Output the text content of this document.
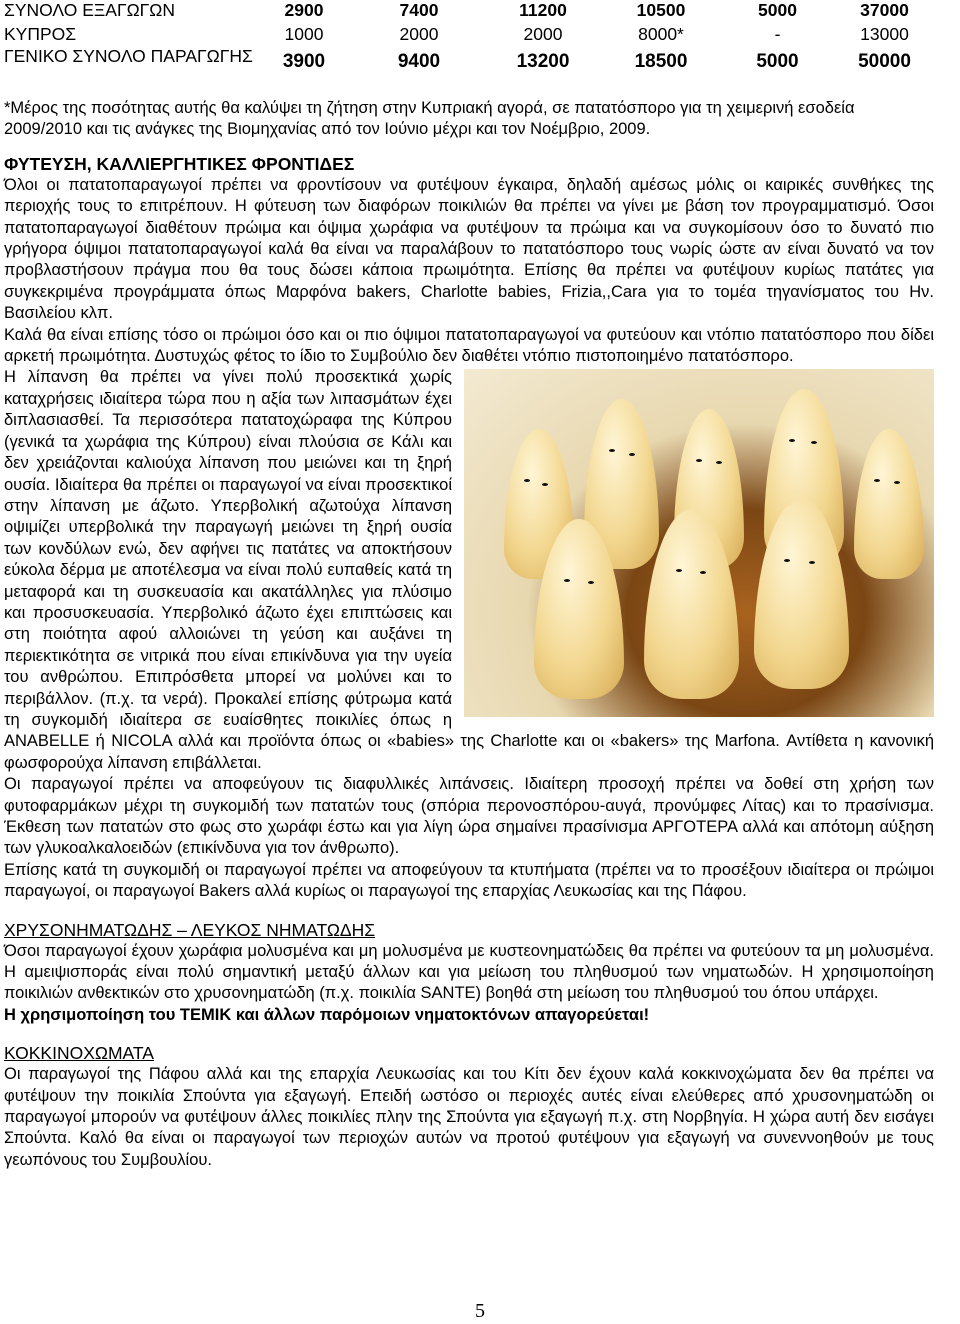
ΣΥΝΟΛΟ ΕΞΑΓΩΓΩΝ	2900	7400	11200	10500	5000	37000
ΚΥΠΡΟΣ	1000	2000	2000	8000*	-	13000
ΓΕΝΙΚΟ ΣΥΝΟΛΟ ΠΑΡΑΓΩΓΗΣ	3900	9400	13200	18500	5000	50000

*Μέρος της ποσότητας αυτής θα καλύψει τη ζήτηση στην Κυπριακή αγορά, σε πατατόσπορο για τη χειμερινή εσοδεία 2009/2010 και τις ανάγκες της Βιομηχανίας από τον Ιούνιο μέχρι και τον Νοέμβριο, 2009.

ΦΥΤΕΥΣΗ, ΚΑΛΛΙΕΡΓΗΤΙΚΕΣ ΦΡΟΝΤΙΔΕΣ

Όλοι οι πατατοπαραγωγοί πρέπει να φροντίσουν να φυτέψουν έγκαιρα, δηλαδή αμέσως μόλις οι καιρικές συνθήκες της περιοχής τους το επιτρέπουν. Η φύτευση των διαφόρων ποικιλιών θα πρέπει να γίνει με βάση τον προγραμματισμό. Όσοι πατατοπαραγωγοί διαθέτουν πρώιμα και όψιμα χωράφια να φυτέψουν τα πρώιμα και να συγκομίσουν όσο το δυνατό πιο γρήγορα όψιμοι πατατοπαραγωγοί καλά θα είναι να παραλάβουν το πατατόσπορο τους νωρίς ώστε αν είναι δυνατό να τον προβλαστήσουν πράγμα που θα τους δώσει κάποια πρωιμότητα. Επίσης θα πρέπει να φυτέψουν κυρίως πατάτες για συγκεκριμένα προγράμματα όπως Μαρφόνα bakers, Charlotte babies, Frizia,,Cara για το τομέα τηγανίσματος του Ην. Βασιλείου κλπ.

Καλά θα είναι επίσης τόσο οι πρώιμοι όσο και οι πιο όψιμοι πατατοπαραγωγοί να φυτεύουν και ντόπιο πατατόσπορο που δίδει αρκετή πρωιμότητα. Δυστυχώς φέτος το ίδιο το Συμβούλιο δεν διαθέτει ντόπιο πιστοποιημένο πατατόσπορο.

Η λίπανση θα πρέπει να γίνει πολύ προσεκτικά χωρίς καταχρήσεις ιδιαίτερα τώρα που η αξία των λιπασμάτων έχει διπλασιασθεί. Τα περισσότερα πατατοχώραφα της Κύπρου (γενικά τα χωράφια της Κύπρου) είναι πλούσια σε Κάλι και δεν χρειάζονται καλιούχα λίπανση που μειώνει και τη ξηρή ουσία. Ιδιαίτερα θα πρέπει οι παραγωγοί να είναι προσεκτικοί στην λίπανση με άζωτο. Υπερβολική αζωτούχα λίπανση οψιμίζει υπερβολικά την παραγωγή μειώνει τη ξηρή ουσία των κονδύλων ενώ, δεν αφήνει τις πατάτες να αποκτήσουν εύκολα δέρμα με αποτέλεσμα να είναι πολύ ευπαθείς κατά τη μεταφορά και τη συσκευασία και ακατάλληλες για πλύσιμο και προσυσκευασία. Υπερβολικό άζωτο έχει επιπτώσεις και στη ποιότητα αφού αλλοιώνει τη γεύση και αυξάνει τη περιεκτικότητα σε νιτρικά που είναι επικίνδυνα για την υγεία του ανθρώπου. Επιπρόσθετα μπορεί να μολύνει και το περιβάλλον. (π.χ. τα νερά). Προκαλεί επίσης φύτρωμα κατά τη συγκομιδή ιδιαίτερα σε ευαίσθητες ποικιλίες όπως η ANABELLE ή NICOLA αλλά και προϊόντα όπως οι «babies» της Charlotte και οι «bakers» της Marfona. Αντίθετα η κανονική φωσφορούχα λίπανση επιβάλλεται.

Οι παραγωγοί πρέπει να αποφεύγουν τις διαφυλλικές λιπάνσεις. Ιδιαίτερη προσοχή πρέπει να δοθεί στη χρήση των φυτοφαρμάκων μέχρι τη συγκομιδή των πατατών τους (σπόρια περονοσπόρου-αυγά, προνύμφες Λίτας) και το πρασίνισμα. Έκθεση των πατατών στο φως στο χωράφι έστω και για λίγη ώρα σημαίνει πρασίνισμα ΑΡΓΟΤΕΡΑ αλλά και απότομη αύξηση των γλυκοαλκαλοειδών (επικίνδυνα για τον άνθρωπο).

Επίσης κατά τη συγκομιδή οι παραγωγοί πρέπει να αποφεύγουν τα κτυπήματα (πρέπει να το προσέξουν ιδιαίτερα οι πρώιμοι παραγωγοί, οι παραγωγοί Bakers αλλά κυρίως οι παραγωγοί της επαρχίας Λευκωσίας και της Πάφου.

ΧΡΥΣΟΝΗΜΑΤΩΔΗΣ – ΛΕΥΚΟΣ ΝΗΜΑΤΩΔΗΣ

Όσοι παραγωγοί έχουν χωράφια μολυσμένα και μη μολυσμένα με κυστεονηματώδεις θα πρέπει να φυτεύουν τα μη μολυσμένα. Η αμειψισποράς είναι πολύ σημαντική μεταξύ άλλων και για μείωση του πληθυσμού των νηματωδών. Η χρησιμοποίηση ποικιλιών ανθεκτικών στο χρυσονηματώδη (π.χ. ποικιλία SANTE) βοηθά στη μείωση του πληθυσμού του όπου υπάρχει.

Η χρησιμοποίηση του ΤΕΜΙΚ και άλλων παρόμοιων νηματοκτόνων απαγορεύεται!

ΚΟΚΚΙΝΟΧΩΜΑΤΑ

Οι παραγωγοί της Πάφου αλλά και της επαρχία Λευκωσίας και του Κίτι δεν έχουν καλά κοκκινοχώματα δεν θα πρέπει να φυτέψουν την ποικιλία Σπούντα για εξαγωγή. Επειδή ωστόσο οι περιοχές αυτές είναι ελεύθερες από χρυσονηματώδη οι παραγωγοί μπορούν να φυτέψουν άλλες ποικιλίες πλην της Σπούντα για εξαγωγή π.χ. στη Νορβηγία. Η χώρα αυτή δεν εισάγει Σπούντα. Καλό θα είναι οι παραγωγοί των περιοχών αυτών να προτού φυτέψουν για εξαγωγή να συνεννοηθούν με τους γεωπόνους του Συμβουλίου.

5
